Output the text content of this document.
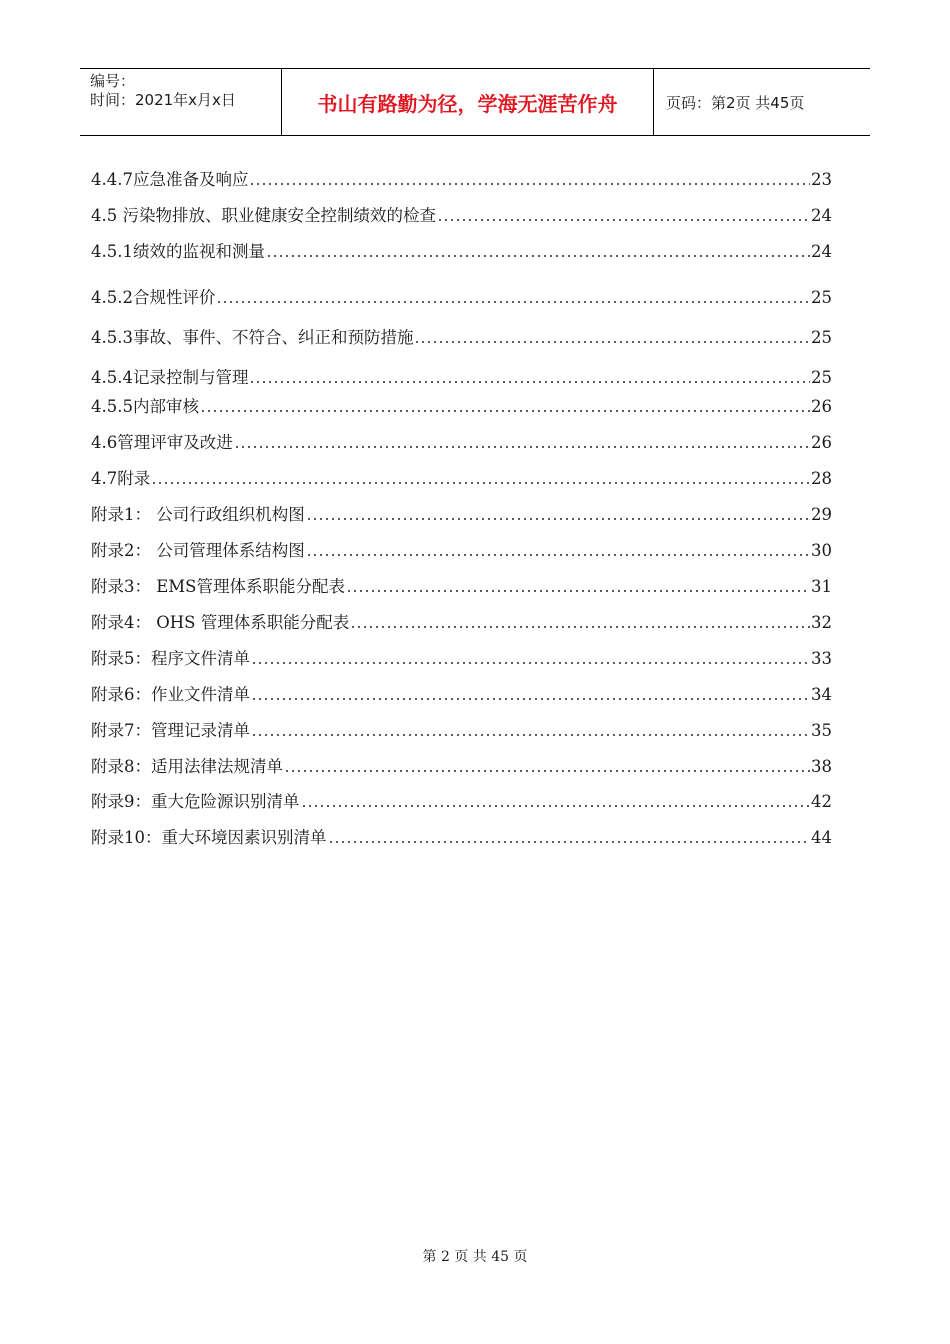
编号：
时间：2021年x月x日	书山有路勤为径，学海无涯苦作舟	页码：第2页 共45页
4.4.7应急准备及响应	23
4.5 污染物排放、职业健康安全控制绩效的检查	24
4.5.1绩效的监视和测量	24
4.5.2合规性评价	25
4.5.3事故、事件、不符合、纠正和预防措施	25
4.5.4记录控制与管理	25
4.5.5内部审核	26
4.6管理评审及改进	26
4.7附录	28
附录1： 公司行政组织机构图	29
附录2： 公司管理体系结构图	30
附录3： EMS管理体系职能分配表	31
附录4： OHS 管理体系职能分配表	32
附录5：程序文件清单	33
附录6：作业文件清单	34
附录7：管理记录清单	35
附录8：适用法律法规清单	38
附录9：重大危险源识别清单	42
附录10：重大环境因素识别清单	44
第 2 页 共 45 页
